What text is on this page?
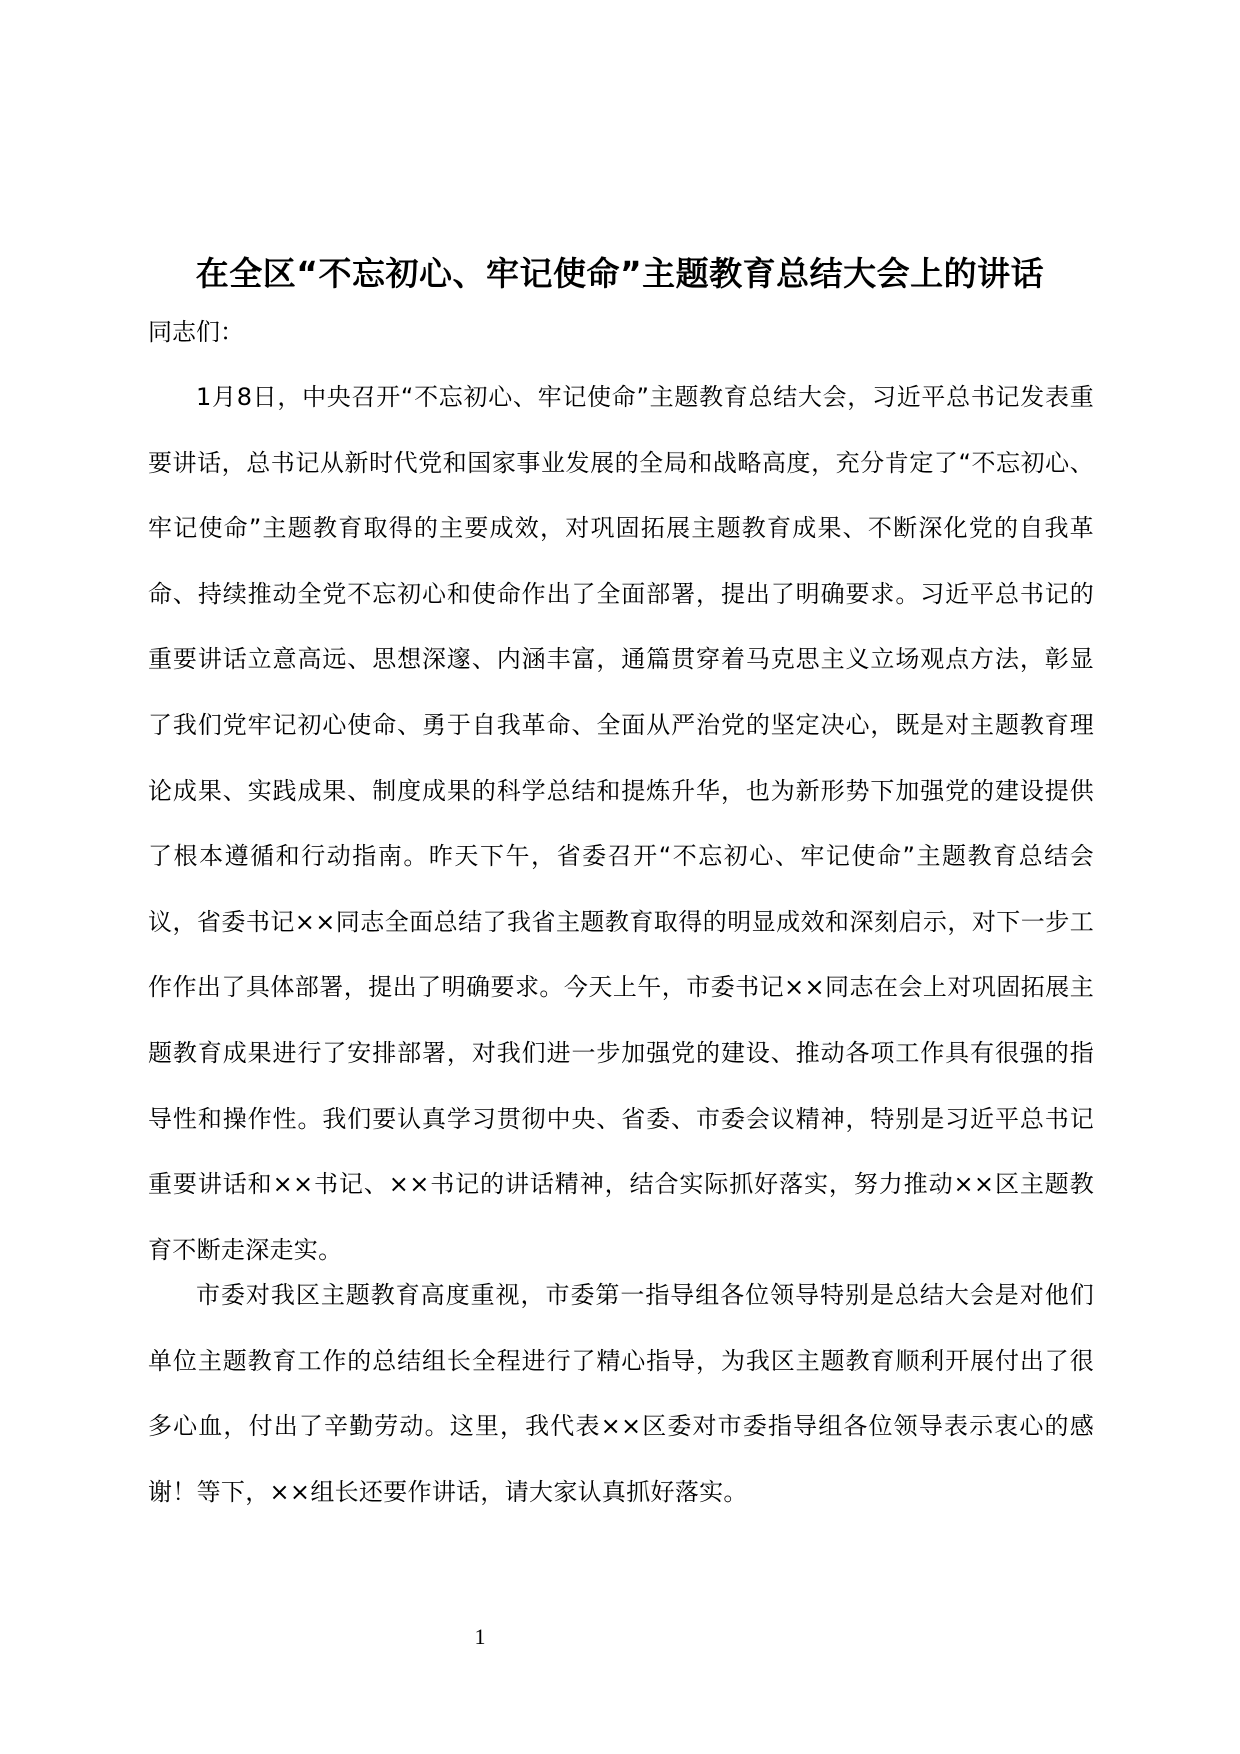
在全区“不忘初心、牢记使命”主题教育总结大会上的讲话

同志们：

1月8日，中央召开“不忘初心、牢记使命”主题教育总结大会，习近平总书记发表重要讲话，总书记从新时代党和国家事业发展的全局和战略高度，充分肯定了“不忘初心、牢记使命”主题教育取得的主要成效，对巩固拓展主题教育成果、不断深化党的自我革命、持续推动全党不忘初心和使命作出了全面部署，提出了明确要求。习近平总书记的重要讲话立意高远、思想深邃、内涵丰富，通篇贯穿着马克思主义立场观点方法，彰显了我们党牢记初心使命、勇于自我革命、全面从严治党的坚定决心，既是对主题教育理论成果、实践成果、制度成果的科学总结和提炼升华，也为新形势下加强党的建设提供了根本遵循和行动指南。昨天下午，省委召开“不忘初心、牢记使命”主题教育总结会议，省委书记××同志全面总结了我省主题教育取得的明显成效和深刻启示，对下一步工作作出了具体部署，提出了明确要求。今天上午，市委书记××同志在会上对巩固拓展主题教育成果进行了安排部署，对我们进一步加强党的建设、推动各项工作具有很强的指导性和操作性。我们要认真学习贯彻中央、省委、市委会议精神，特别是习近平总书记重要讲话和××书记、××书记的讲话精神，结合实际抓好落实，努力推动××区主题教育不断走深走实。

市委对我区主题教育高度重视，市委第一指导组各位领导特别是总结大会是对他们单位主题教育工作的总结组长全程进行了精心指导，为我区主题教育顺利开展付出了很多心血，付出了辛勤劳动。这里，我代表××区委对市委指导组各位领导表示衷心的感谢！等下，××组长还要作讲话，请大家认真抓好落实。

1
